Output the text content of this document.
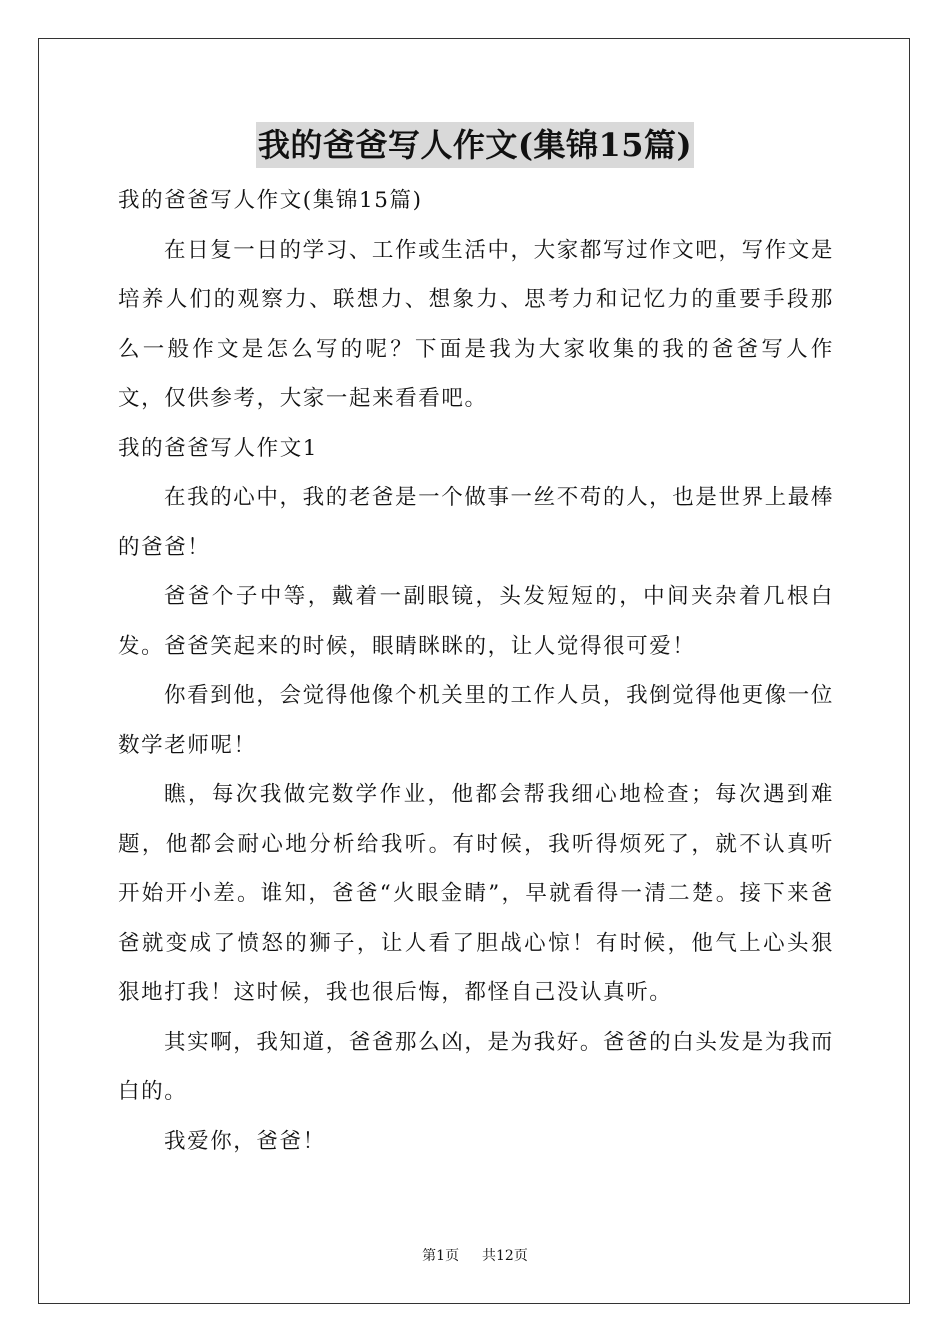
我的爸爸写人作文(集锦15篇)

我的爸爸写人作文(集锦15篇)

在日复一日的学习、工作或生活中，大家都写过作文吧，写作文是培养人们的观察力、联想力、想象力、思考力和记忆力的重要手段那么一般作文是怎么写的呢？下面是我为大家收集的我的爸爸写人作文，仅供参考，大家一起来看看吧。

我的爸爸写人作文1

在我的心中，我的老爸是一个做事一丝不苟的人，也是世界上最棒的爸爸！

爸爸个子中等，戴着一副眼镜，头发短短的，中间夹杂着几根白发。爸爸笑起来的时候，眼睛眯眯的，让人觉得很可爱！

你看到他，会觉得他像个机关里的工作人员，我倒觉得他更像一位数学老师呢！

瞧，每次我做完数学作业，他都会帮我细心地检查；每次遇到难题，他都会耐心地分析给我听。有时候，我听得烦死了，就不认真听开始开小差。谁知，爸爸“火眼金睛”，早就看得一清二楚。接下来爸爸就变成了愤怒的狮子，让人看了胆战心惊！有时候，他气上心头狠狠地打我！这时候，我也很后悔，都怪自己没认真听。

其实啊，我知道，爸爸那么凶，是为我好。爸爸的白头发是为我而白的。

我爱你，爸爸！

第1页 共12页
